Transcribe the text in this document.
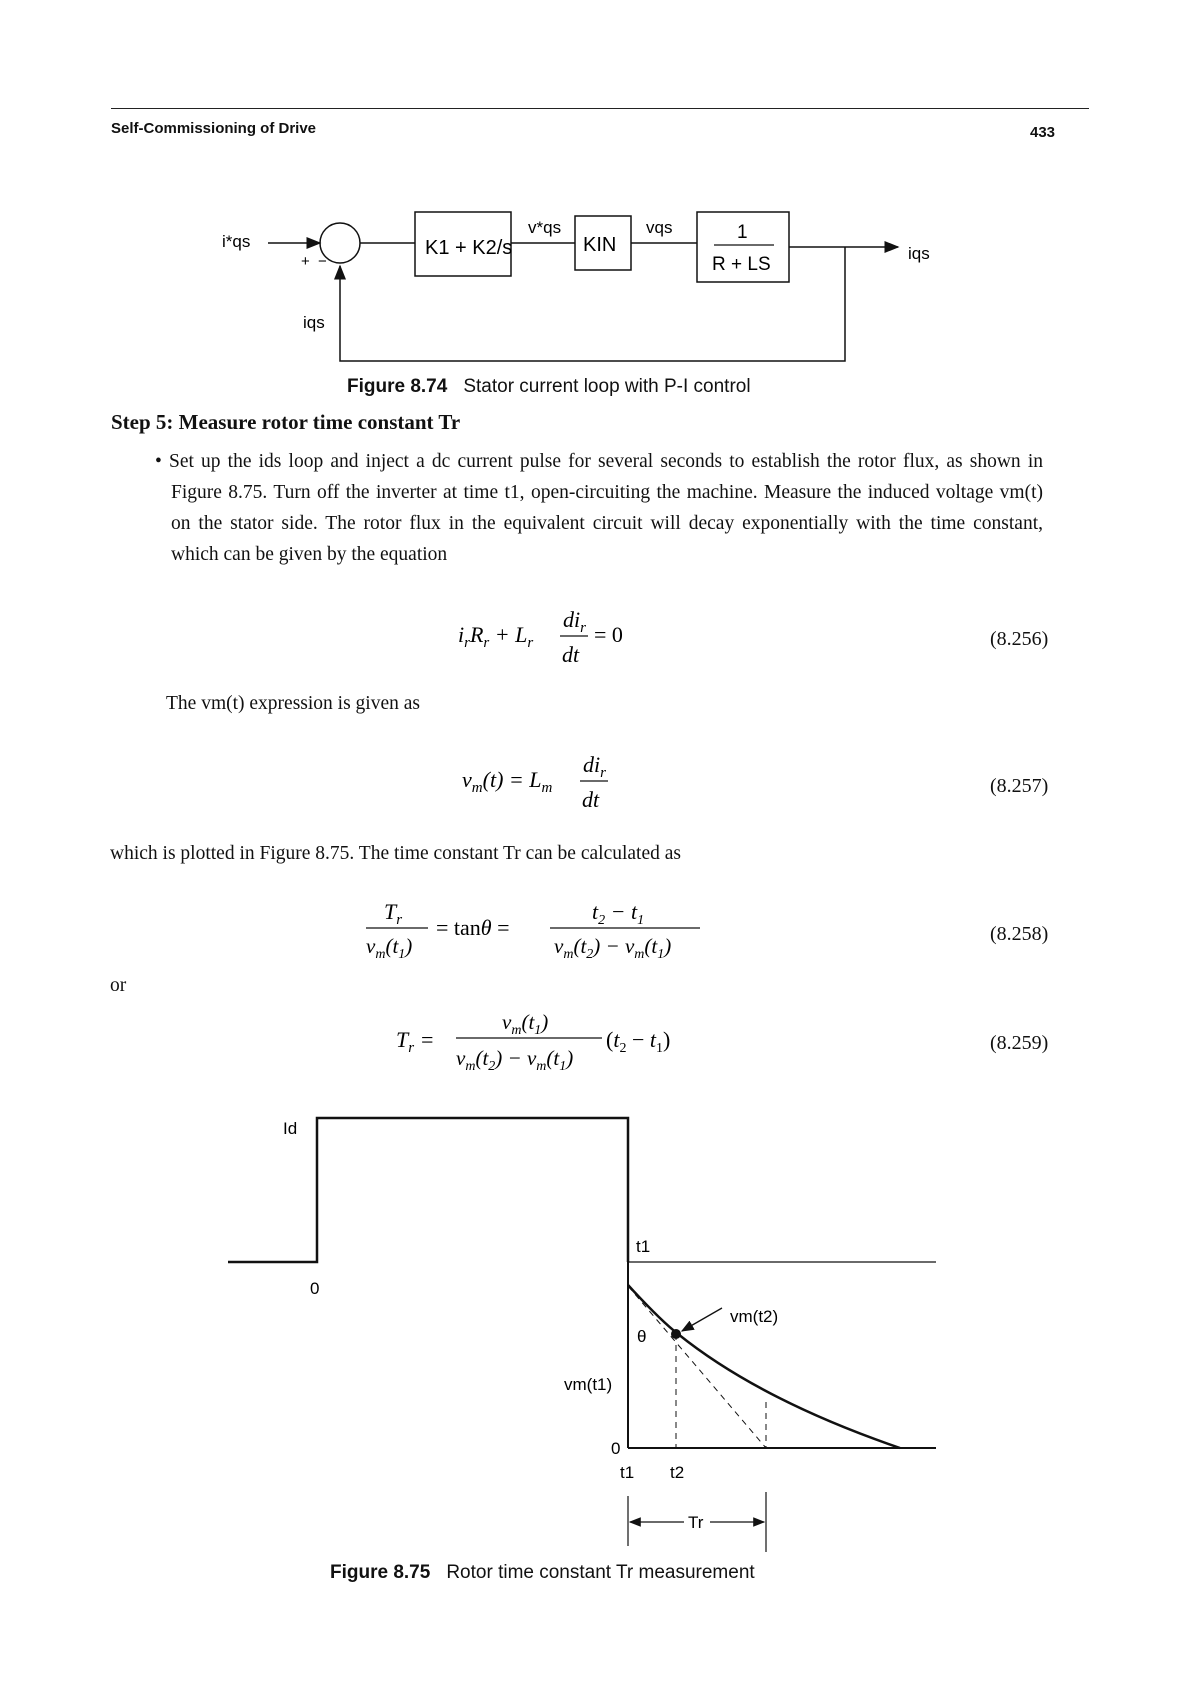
Self-Commissioning of Drive	433
i*qs
+ −
iqs
K1 + K2/s
v*qs
KIN
vqs	1
R + LS
iqs
Figure 8.74 Stator current loop with P-I control
Step 5: Measure rotor time constant Tr
• Set up the ids loop and inject a dc current pulse for several seconds to establish the rotor flux, as shown in Figure 8.75. Turn off the inverter at time t1, open-circuiting the machine. Measure the induced voltage vm(t) on the stator side. The rotor flux in the equivalent circuit will decay exponentially with the time constant, which can be given by the equation
$i_rR_r + L_r$
$di_r$
dt
= 0	(8.256)
The vm(t) expression is given as
$v_m(t) = L_m$
$di_r$
dt
(8.257)
which is plotted in Figure 8.75. The time constant Tr can be calculated as
$T_r$
$v_m(t_1)$
= tanθ =
$t_2 - t_1$
$v_m(t_2) - v_m(t_1)$	(8.258)
or
$T_r$ =
$v_m(t_1)$
$v_m(t_2) - v_m(t_1)$
$(t_2 - t_1)$	(8.259)
Id
0
t1
vm(t2)
θ
vm(t1)
0
t1 t2
Tr
Figure 8.75 Rotor time constant Tr measurement
